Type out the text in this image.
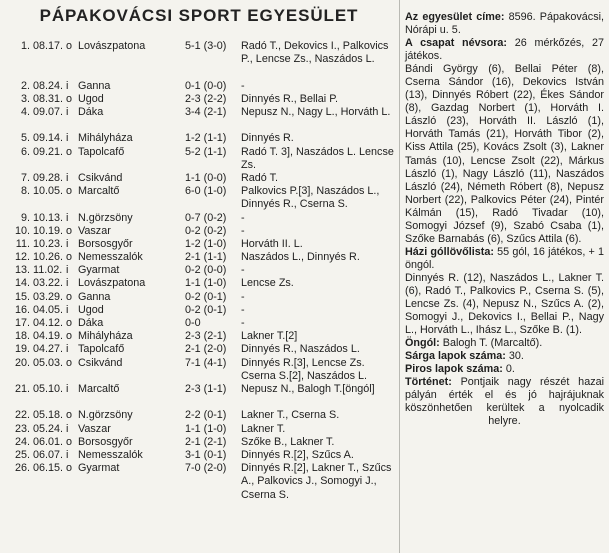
PÁPAKOVÁCSI SPORT EGYESÜLET
1. 08.17. o Lovászpatona	5-1 (3-0) Radó T., Dekovics I., Palkovics P., Lencse Zs., Naszádos L.
2. 08.24. i Ganna	0-1 (0-0) -
3. 08.31. o Ugod	2-3 (2-2) Dinnyés R., Bellai P.
4. 09.07. i Dáka	3-4 (2-1) Nepusz N., Nagy L., Horváth L.
5. 09.14. i Mihályháza	1-2 (1-1) Dinnyés R.
6. 09.21. o Tapolcafő	5-2 (1-1) Radó T. 3], Naszádos L. Lencse Zs.
7. 09.28. i Csikvánd	1-1 (0-0) Radó T.
8. 10.05. o Marcaltő	6-0 (1-0) Palkovics P.[3], Naszádos L., Dinnyés R., Cserna S.
9. 10.13. i N.görzsöny	0-7 (0-2) -
10. 10.19. o Vaszar	0-2 (0-2) -
11. 10.23. i Borsosgyőr	1-2 (1-0) Horváth II. L.
12. 10.26. o Nemesszalók	2-1 (1-1) Naszádos L., Dinnyés R.
13. 11.02. i Gyarmat	0-2 (0-0) -
14. 03.22. i Lovászpatona	1-1 (1-0) Lencse Zs.
15. 03.29. o Ganna	0-2 (0-1) -
16. 04.05. i Ugod	0-2 (0-1) -
17. 04.12. o Dáka	0-0	-
18. 04.19. o Mihályháza	2-3 (2-1) Lakner T.[2]
19. 04.27. i Tapolcafő	2-1 (2-0) Dinnyés R., Naszádos L.
20. 05.03. o Csikvánd	7-1 (4-1) Dinnyés R.[3], Lencse Zs. Cserna S.[2], Naszádos L.
21. 05.10. i Marcaltő	2-3 (1-1) Nepusz N., Balogh T.[öngól]
22. 05.18. o N.görzsöny	2-2 (0-1) Lakner T., Cserna S.
23. 05.24. i Vaszar	1-1 (1-0) Lakner T.
24. 06.01. o Borsosgyőr	2-1 (2-1) Szőke B., Lakner T.
25. 06.07. i Nemesszalók	3-1 (0-1) Dinnyés R.[2], Szűcs A.
26. 06.15. o Gyarmat	7-0 (2-0) Dinnyés R.[2], Lakner T., Szűcs A., Palkovics J., Somogyi J., Cserna S.

Az egyesület címe: 8596. Pápakovácsi, Nórápi u. 5.

A csapat névsora: 26 mérkőzés, 27 játékos.

Bándi György (6), Bellai Péter (8), Cserna Sándor (16), Dekovics István (13), Dinnyés Róbert (22), Ékes Sándor (8), Gazdag Norbert (1), Horváth I. László (23), Horváth II. László (1), Horváth Tamás (21), Horváth Tibor (2), Kiss Attila (25), Kovács Zsolt (3), Lakner Tamás (10), Lencse Zsolt (22), Márkus László (1), Nagy László (11), Naszádos László (24), Németh Róbert (8), Nepusz Norbert (22), Palkovics Péter (24), Pintér Kálmán (15), Radó Tivadar (10), Somogyi József (9), Szabó Csaba (1), Szőke Barnabás (6), Szűcs Attila (6).

Házi góllövőlista: 55 gól, 16 játékos, + 1 öngól.

Dinnyés R. (12), Naszádos L., Lakner T. (6), Radó T., Palkovics P., Cserna S. (5), Lencse Zs. (4), Nepusz N., Szűcs A. (2), Somogyi J., Dekovics I., Bellai P., Nagy L., Horváth L., Ihász L., Szőke B. (1).

Öngól: Balogh T. (Marcaltő).

Sárga lapok száma: 30.

Piros lapok száma: 0.

Történet: Pontjaik nagy részét hazai pályán érték el és jó hajrájuknak köszönhetően kerültek a nyolcadik helyre.
